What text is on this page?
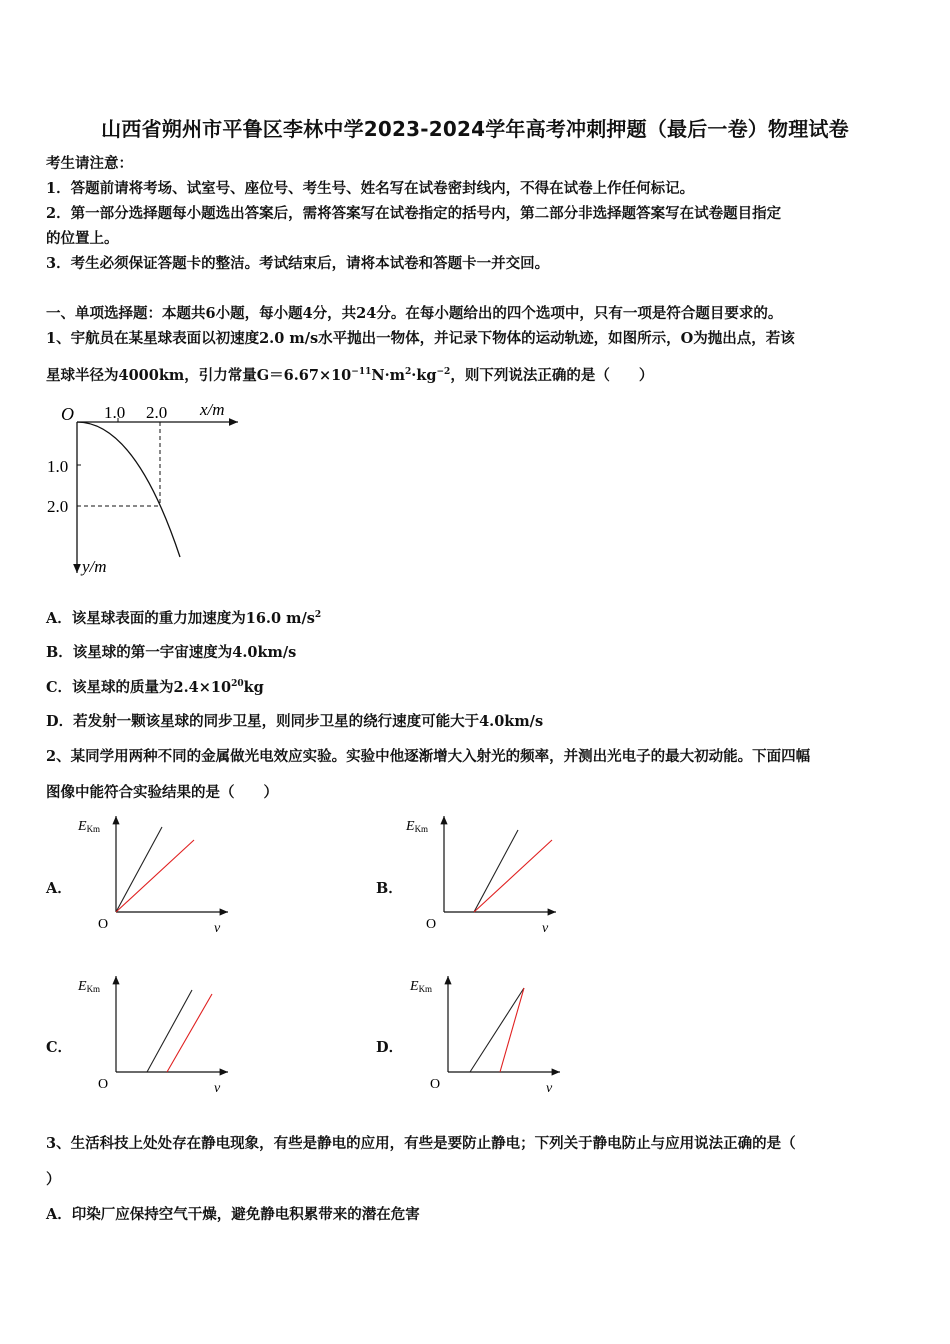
山西省朔州市平鲁区李林中学2023-2024学年高考冲刺押题（最后一卷）物理试卷
考生请注意：
1．答题前请将考场、试室号、座位号、考生号、姓名写在试卷密封线内，不得在试卷上作任何标记。
2．第一部分选择题每小题选出答案后，需将答案写在试卷指定的括号内，第二部分非选择题答案写在试卷题目指定
的位置上。
3．考生必须保证答题卡的整洁。考试结束后，请将本试卷和答题卡一并交回。
一、单项选择题：本题共6小题，每小题4分，共24分。在每小题给出的四个选项中，只有一项是符合题目要求的。
1、宇航员在某星球表面以初速度2.0 m/s水平抛出一物体，并记录下物体的运动轨迹，如图所示，O为抛出点，若该
星球半径为4000km，引力常量$G=6.67\times 10^{-11}N\cdot m^2\cdot kg^{-2}$，则下列说法正确的是（　　）
O 1.0 2.0 x/m
1.0
2.0
y/m
A．该星球表面的重力加速度为16.0 $m/s^2$
B．该星球的第一宇宙速度为4.0km/s
C．该星球的质量为$2.4\times 10^{20}kg$
D．若发射一颗该星球的同步卫星，则同步卫星的绕行速度可能大于4.0km/s
2、某同学用两种不同的金属做光电效应实验。实验中他逐渐增大入射光的频率，并测出光电子的最大初动能。下面四幅
图像中能符合实验结果的是（　　）
A．
EKm
O	ν
B．
EKm
O	ν
C．
EKm
O	ν
D．
EKm
O	ν
3、生活科技上处处存在静电现象，有些是静电的应用，有些是要防止静电；下列关于静电防止与应用说法正确的是（
）
A．印染厂应保持空气干燥，避免静电积累带来的潜在危害
